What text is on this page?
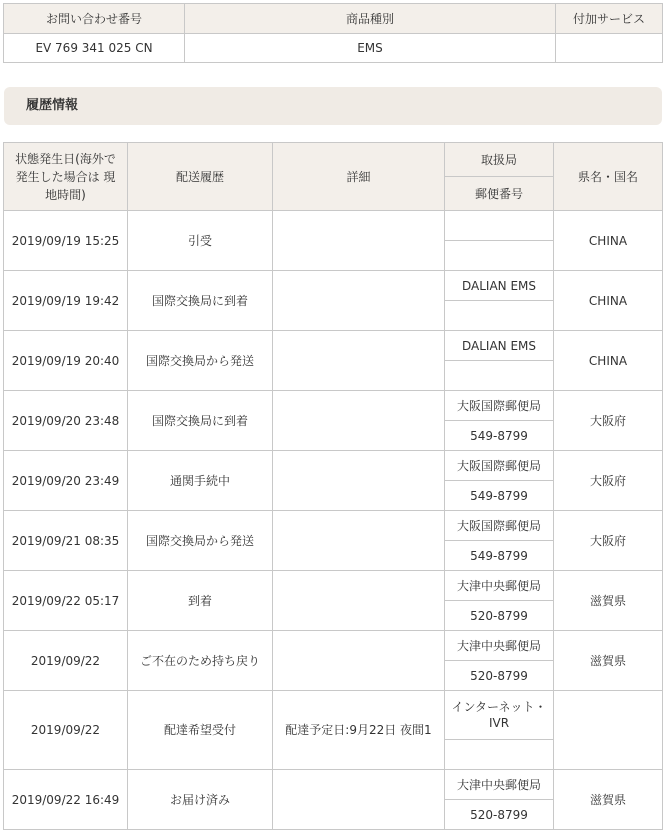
お問い合わせ番号	商品種別	付加サービス
EV 769 341 025 CN	EMS	
履歴情報
状態発生日(海外で発生した場合は 現地時間)	配送履歴	詳細	取扱局	県名・国名
			郵便番号	
2019/09/19 15:25	引受			CHINA

2019/09/19 19:42	国際交換局に到着		DALIAN EMS	CHINA

2019/09/19 20:40	国際交換局から発送		DALIAN EMS	CHINA

2019/09/20 23:48	国際交換局に到着		大阪国際郵便局	大阪府
			549-8799	
2019/09/20 23:49	通関手続中		大阪国際郵便局	大阪府
			549-8799	
2019/09/21 08:35	国際交換局から発送		大阪国際郵便局	大阪府
			549-8799	
2019/09/22 05:17	到着		大津中央郵便局	滋賀県
			520-8799	
2019/09/22	ご不在のため持ち戻り		大津中央郵便局	滋賀県
			520-8799	
2019/09/22	配達希望受付	配達予定日:9月22日 夜間1	インターネット・IVR	

2019/09/22 16:49	お届け済み		大津中央郵便局	滋賀県
			520-8799	
